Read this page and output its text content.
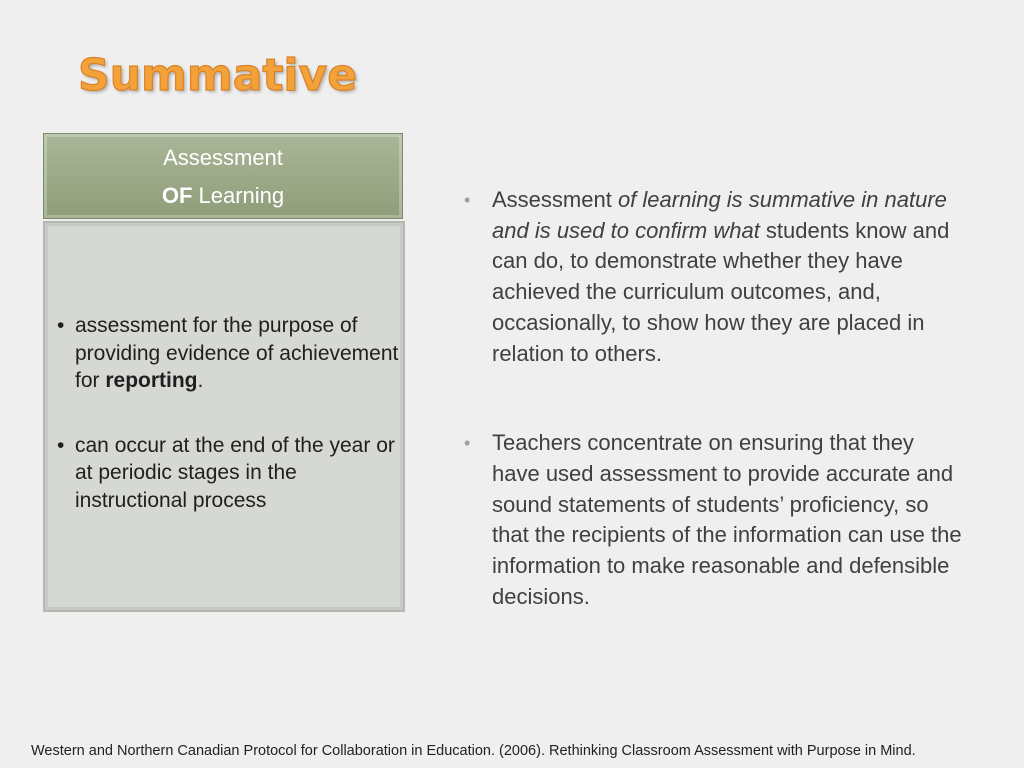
Summative
Assessment
OF Learning
• assessment for the purpose of providing evidence of achievement for reporting.
• can occur at the end of the year or at periodic stages in the instructional process
• Assessment of learning is summative in nature and is used to confirm what students know and can do, to demonstrate whether they have achieved the curriculum outcomes, and, occasionally, to show how they are placed in relation to others.
• Teachers concentrate on ensuring that they have used assessment to provide accurate and sound statements of students’ proficiency, so that the recipients of the information can use the information to make reasonable and defensible decisions.
Western and Northern Canadian Protocol for Collaboration in Education. (2006). Rethinking Classroom Assessment with Purpose in Mind.
